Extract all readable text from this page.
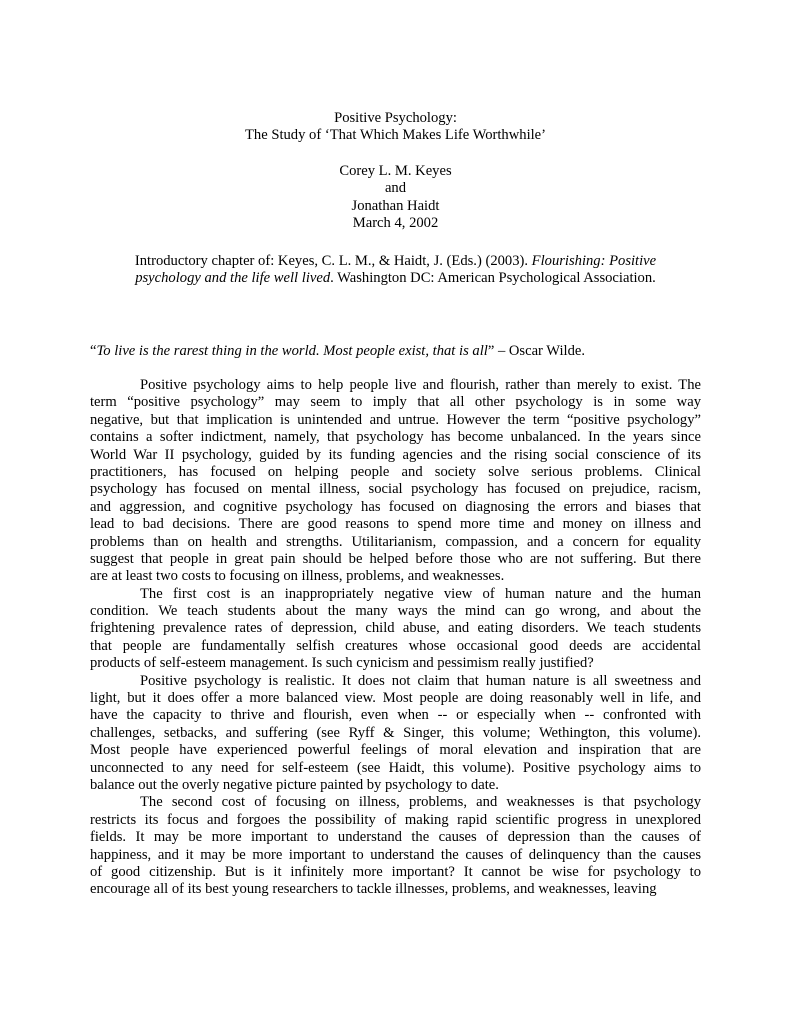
Positive Psychology:
The Study of ‘That Which Makes Life Worthwhile’
Corey L. M. Keyes
and
Jonathan Haidt
March 4, 2002
Introductory chapter of: Keyes, C. L. M., & Haidt, J. (Eds.) (2003). Flourishing: Positive
psychology and the life well lived. Washington DC: American Psychological Association.
“To live is the rarest thing in the world. Most people exist, that is all” – Oscar Wilde.
Positive psychology aims to help people live and flourish, rather than merely to exist. The
term “positive psychology” may seem to imply that all other psychology is in some way
negative, but that implication is unintended and untrue. However the term “positive psychology”
contains a softer indictment, namely, that psychology has become unbalanced. In the years since
World War II psychology, guided by its funding agencies and the rising social conscience of its
practitioners, has focused on helping people and society solve serious problems. Clinical
psychology has focused on mental illness, social psychology has focused on prejudice, racism,
and aggression, and cognitive psychology has focused on diagnosing the errors and biases that
lead to bad decisions. There are good reasons to spend more time and money on illness and
problems than on health and strengths. Utilitarianism, compassion, and a concern for equality
suggest that people in great pain should be helped before those who are not suffering. But there
are at least two costs to focusing on illness, problems, and weaknesses.
The first cost is an inappropriately negative view of human nature and the human
condition. We teach students about the many ways the mind can go wrong, and about the
frightening prevalence rates of depression, child abuse, and eating disorders. We teach students
that people are fundamentally selfish creatures whose occasional good deeds are accidental
products of self-esteem management. Is such cynicism and pessimism really justified?
Positive psychology is realistic. It does not claim that human nature is all sweetness and
light, but it does offer a more balanced view. Most people are doing reasonably well in life, and
have the capacity to thrive and flourish, even when -- or especially when -- confronted with
challenges, setbacks, and suffering (see Ryff & Singer, this volume; Wethington, this volume).
Most people have experienced powerful feelings of moral elevation and inspiration that are
unconnected to any need for self-esteem (see Haidt, this volume). Positive psychology aims to
balance out the overly negative picture painted by psychology to date.
The second cost of focusing on illness, problems, and weaknesses is that psychology
restricts its focus and forgoes the possibility of making rapid scientific progress in unexplored
fields. It may be more important to understand the causes of depression than the causes of
happiness, and it may be more important to understand the causes of delinquency than the causes
of good citizenship. But is it infinitely more important? It cannot be wise for psychology to
encourage all of its best young researchers to tackle illnesses, problems, and weaknesses, leaving
